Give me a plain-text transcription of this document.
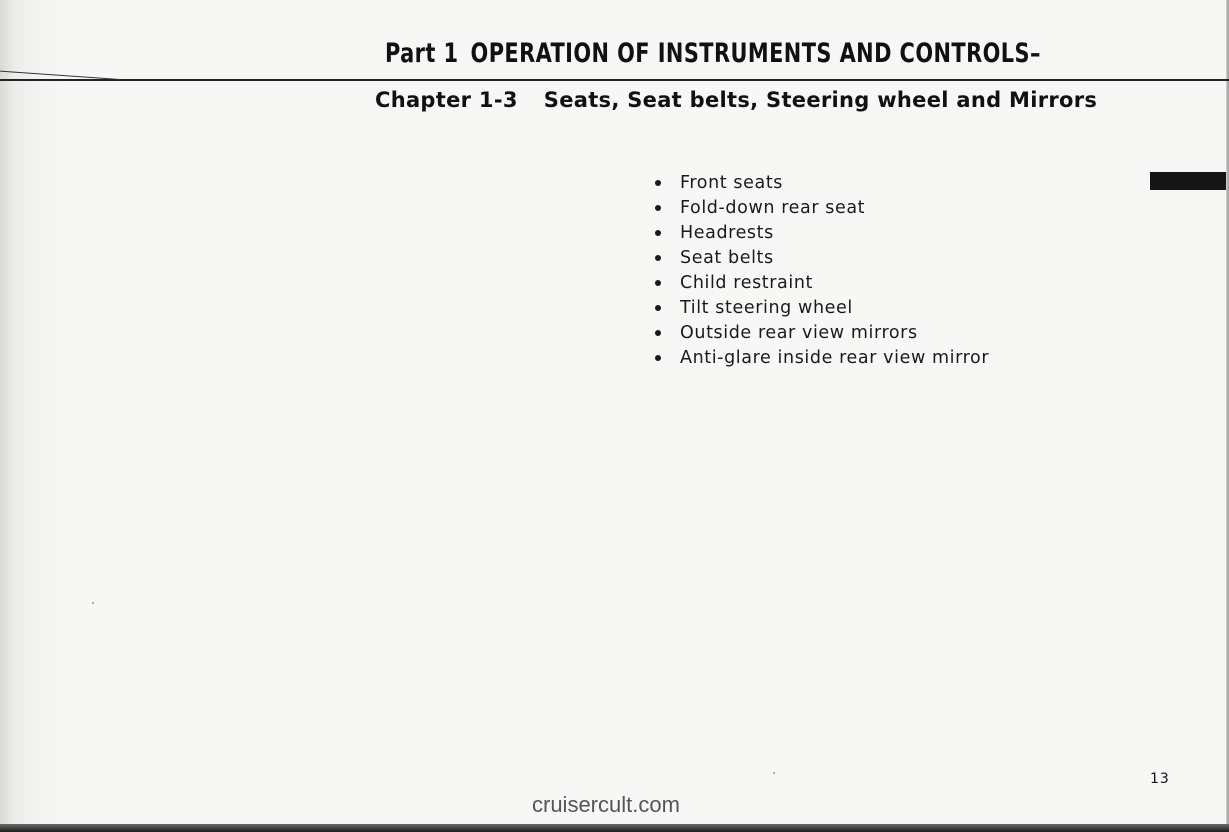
Part 1 OPERATION OF INSTRUMENTS AND CONTROLS–
Chapter 1-3 Seats, Seat belts, Steering wheel and Mirrors
Front seats
Fold-down rear seat
Headrests
Seat belts
Child restraint
Tilt steering wheel
Outside rear view mirrors
Anti-glare inside rear view mirror
13
cruisercult.com
